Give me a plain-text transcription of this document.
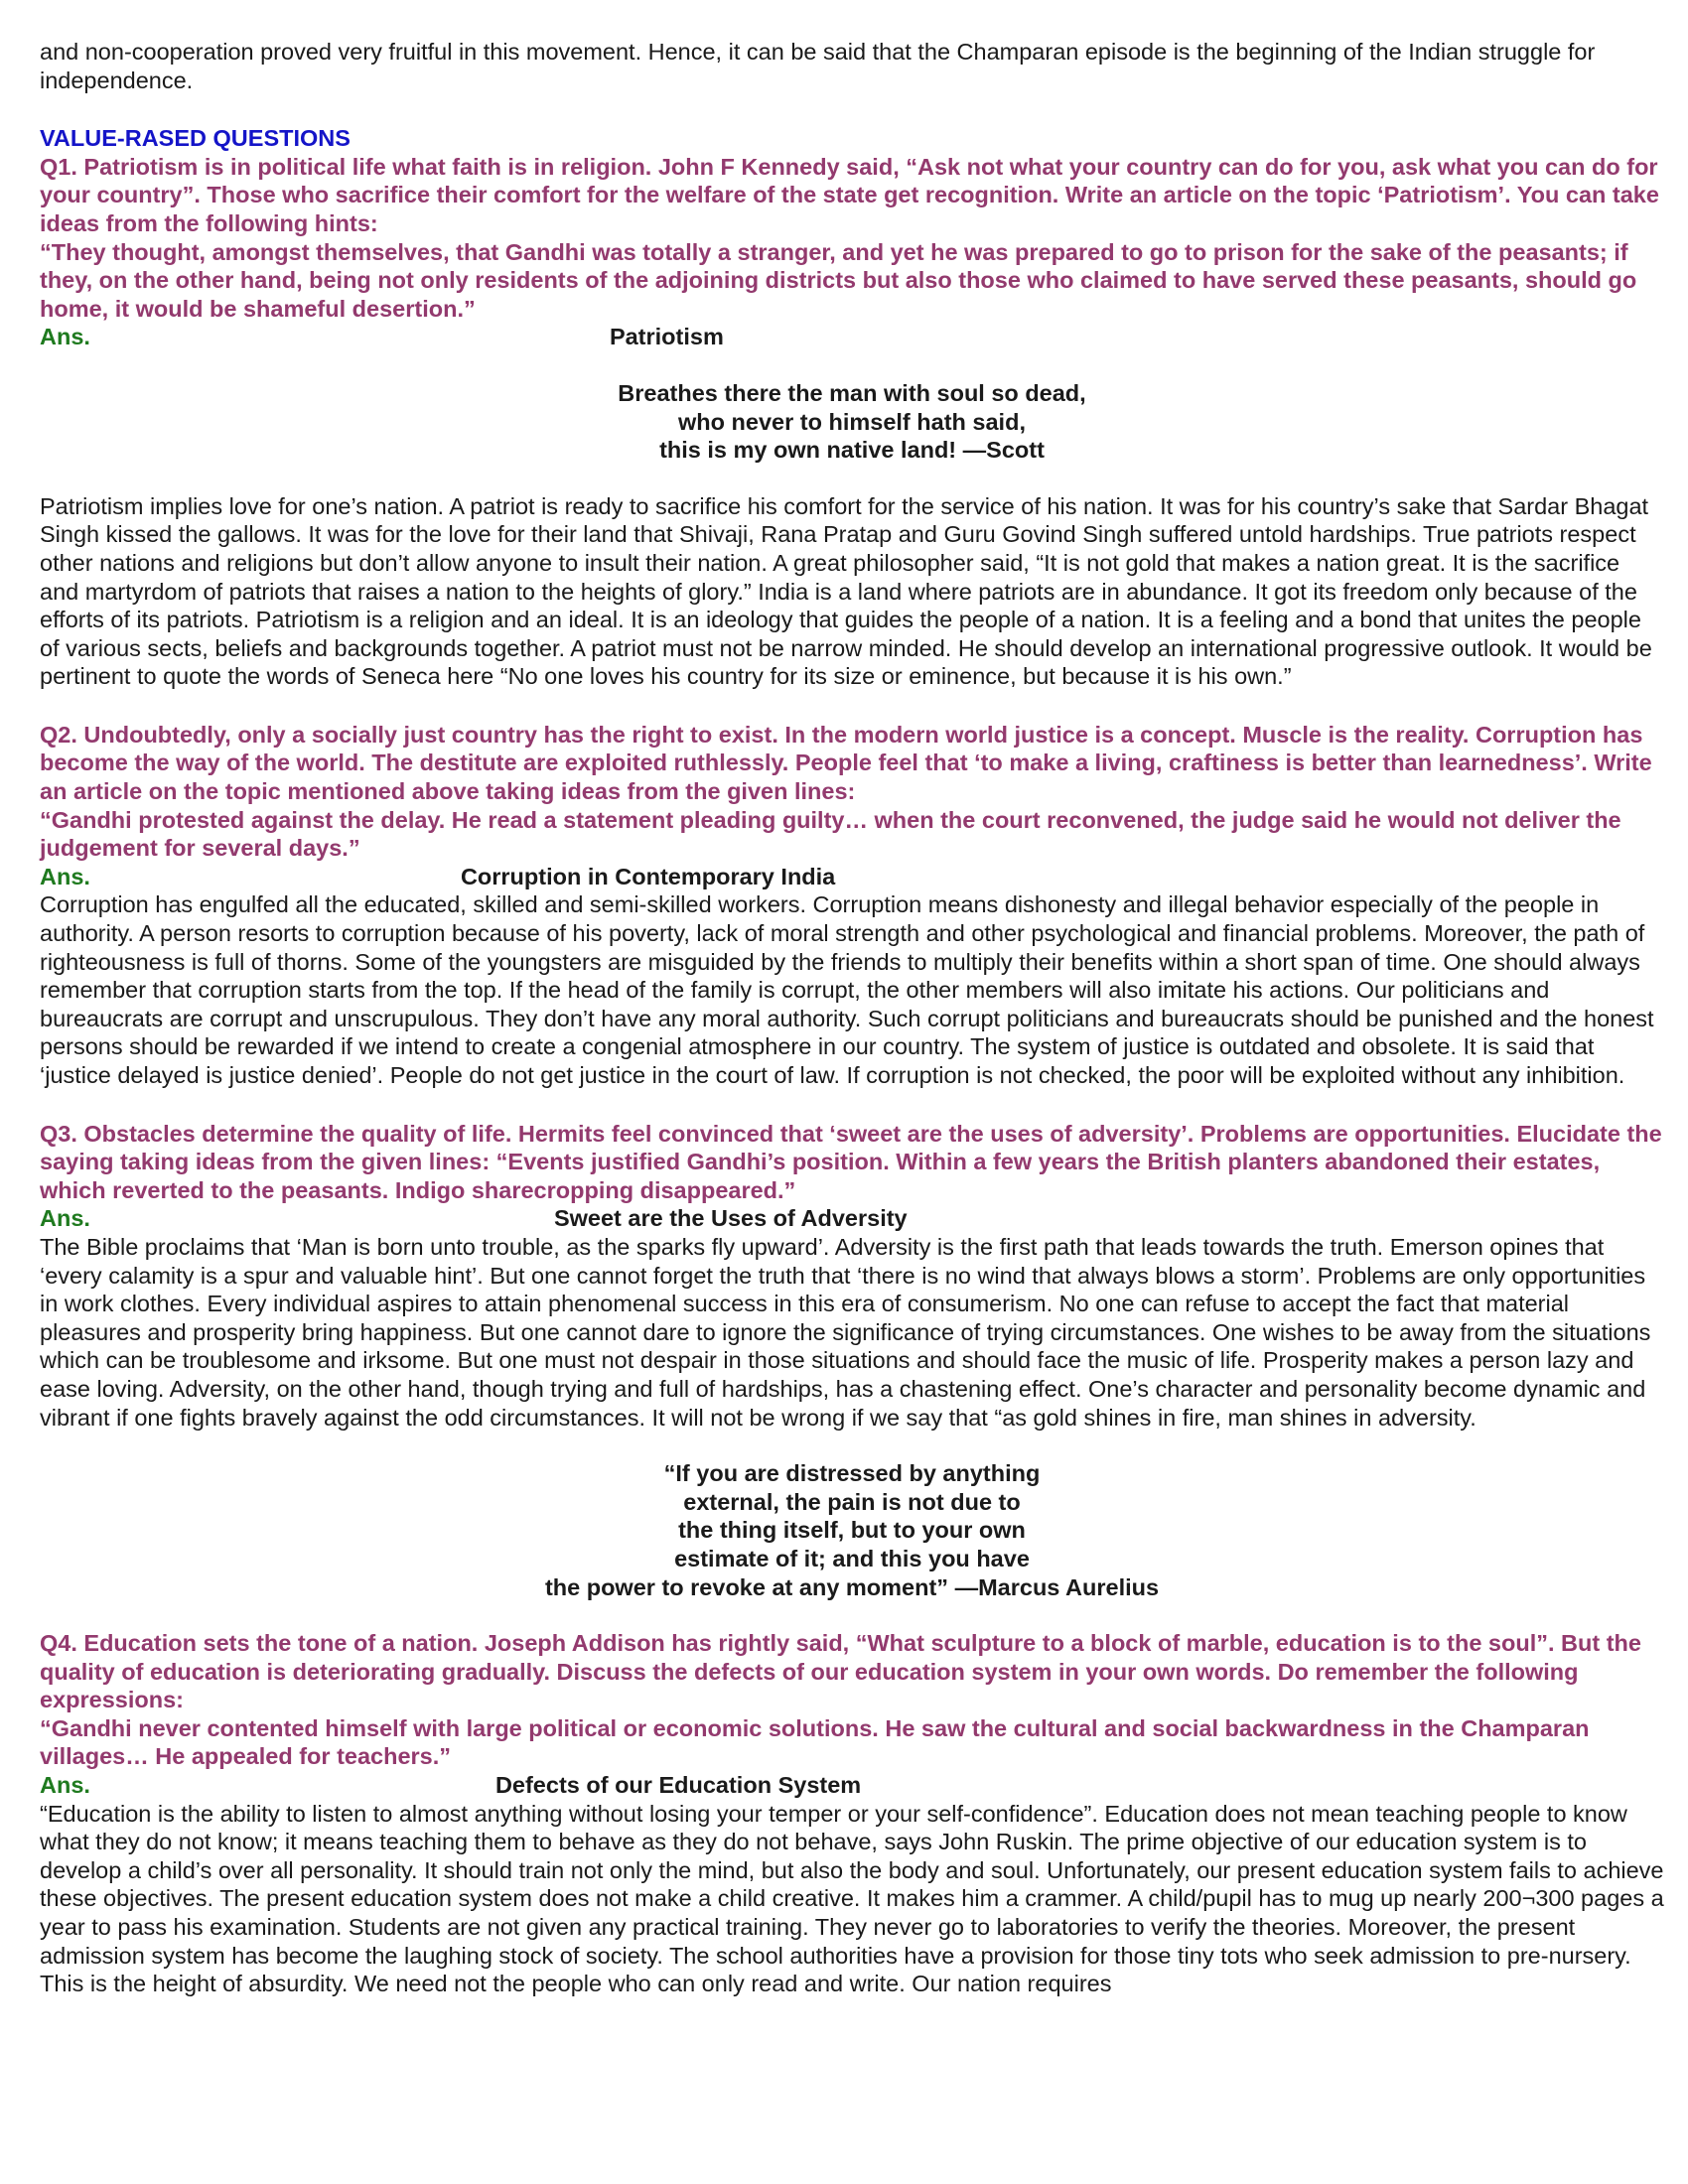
and non-cooperation proved very fruitful in this movement. Hence, it can be said that the Champaran episode is the beginning of the Indian struggle for independence.

VALUE-RASED QUESTIONS

Q1. Patriotism is in political life what faith is in religion. John F Kennedy said, “Ask not what your country can do for you, ask what you can do for your country”. Those who sacrifice their comfort for the welfare of the state get recognition. Write an article on the topic ‘Patriotism’. You can take ideas from the following hints:

“They thought, amongst themselves, that Gandhi was totally a stranger, and yet he was prepared to go to prison for the sake of the peasants; if they, on the other hand, being not only residents of the adjoining districts but also those who claimed to have served these peasants, should go home, it would be shameful desertion.”

Ans.	Patriotism
Breathes there the man with soul so dead,
who never to himself hath said,
this is my own native land! —Scott

Patriotism implies love for one’s nation. A patriot is ready to sacrifice his comfort for the service of his nation. It was for his country’s sake that Sardar Bhagat Singh kissed the gallows. It was for the love for their land that Shivaji, Rana Pratap and Guru Govind Singh suffered untold hardships. True patriots respect other nations and religions but don’t allow anyone to insult their nation. A great philosopher said, “It is not gold that makes a nation great. It is the sacrifice and martyrdom of patriots that raises a nation to the heights of glory.” India is a land where patriots are in abundance. It got its freedom only because of the efforts of its patriots. Patriotism is a religion and an ideal. It is an ideology that guides the people of a nation. It is a feeling and a bond that unites the people of various sects, beliefs and backgrounds together. A patriot must not be narrow minded. He should develop an international progressive outlook. It would be pertinent to quote the words of Seneca here “No one loves his country for its size or eminence, but because it is his own.”

Q2. Undoubtedly, only a socially just country has the right to exist. In the modern world justice is a concept. Muscle is the reality. Corruption has become the way of the world. The destitute are exploited ruthlessly. People feel that ‘to make a living, craftiness is better than learnedness’. Write an article on the topic mentioned above taking ideas from the given lines:

“Gandhi protested against the delay. He read a statement pleading guilty… when the court reconvened, the judge said he would not deliver the judgement for several days.”

Ans.	Corruption in Contemporary India

Corruption has engulfed all the educated, skilled and semi-skilled workers. Corruption means dishonesty and illegal behavior especially of the people in authority. A person resorts to corruption because of his poverty, lack of moral strength and other psychological and financial problems. Moreover, the path of righteousness is full of thorns. Some of the youngsters are misguided by the friends to multiply their benefits within a short span of time. One should always remember that corruption starts from the top. If the head of the family is corrupt, the other members will also imitate his actions. Our politicians and bureaucrats are corrupt and unscrupulous. They don’t have any moral authority. Such corrupt politicians and bureaucrats should be punished and the honest persons should be rewarded if we intend to create a congenial atmosphere in our country. The system of justice is outdated and obsolete. It is said that ‘justice delayed is justice denied’. People do not get justice in the court of law. If corruption is not checked, the poor will be exploited without any inhibition.

Q3. Obstacles determine the quality of life. Hermits feel convinced that ‘sweet are the uses of adversity’. Problems are opportunities. Elucidate the saying taking ideas from the given lines: “Events justified Gandhi’s position. Within a few years the British planters abandoned their estates, which reverted to the peasants. Indigo sharecropping disappeared.”

Ans.	Sweet are the Uses of Adversity

The Bible proclaims that ‘Man is born unto trouble, as the sparks fly upward’. Adversity is the first path that leads towards the truth. Emerson opines that ‘every calamity is a spur and valuable hint’. But one cannot forget the truth that ‘there is no wind that always blows a storm’. Problems are only opportunities in work clothes. Every individual aspires to attain phenomenal success in this era of consumerism. No one can refuse to accept the fact that material pleasures and prosperity bring happiness. But one cannot dare to ignore the significance of trying circumstances. One wishes to be away from the situations which can be troublesome and irksome. But one must not despair in those situations and should face the music of life. Prosperity makes a person lazy and ease loving. Adversity, on the other hand, though trying and full of hardships, has a chastening effect. One’s character and personality become dynamic and vibrant if one fights bravely against the odd circumstances. It will not be wrong if we say that “as gold shines in fire, man shines in adversity.

“If you are distressed by anything
external, the pain is not due to
the thing itself, but to your own
estimate of it; and this you have
the power to revoke at any moment” —Marcus Aurelius

Q4. Education sets the tone of a nation. Joseph Addison has rightly said, “What sculpture to a block of marble, education is to the soul”. But the quality of education is deteriorating gradually. Discuss the defects of our education system in your own words. Do remember the following expressions:

“Gandhi never contented himself with large political or economic solutions. He saw the cultural and social backwardness in the Champaran villages… He appealed for teachers.”

Ans.	Defects of our Education System

“Education is the ability to listen to almost anything without losing your temper or your self-confidence”. Education does not mean teaching people to know what they do not know; it means teaching them to behave as they do not behave, says John Ruskin. The prime objective of our education system is to develop a child’s over all personality. It should train not only the mind, but also the body and soul. Unfortunately, our present education system fails to achieve these objectives. The present education system does not make a child creative. It makes him a crammer. A child/pupil has to mug up nearly 200¬300 pages a year to pass his examination. Students are not given any practical training. They never go to laboratories to verify the theories. Moreover, the present admission system has become the laughing stock of society. The school authorities have a provision for those tiny tots who seek admission to pre-nursery. This is the height of absurdity. We need not the people who can only read and write. Our nation requires
